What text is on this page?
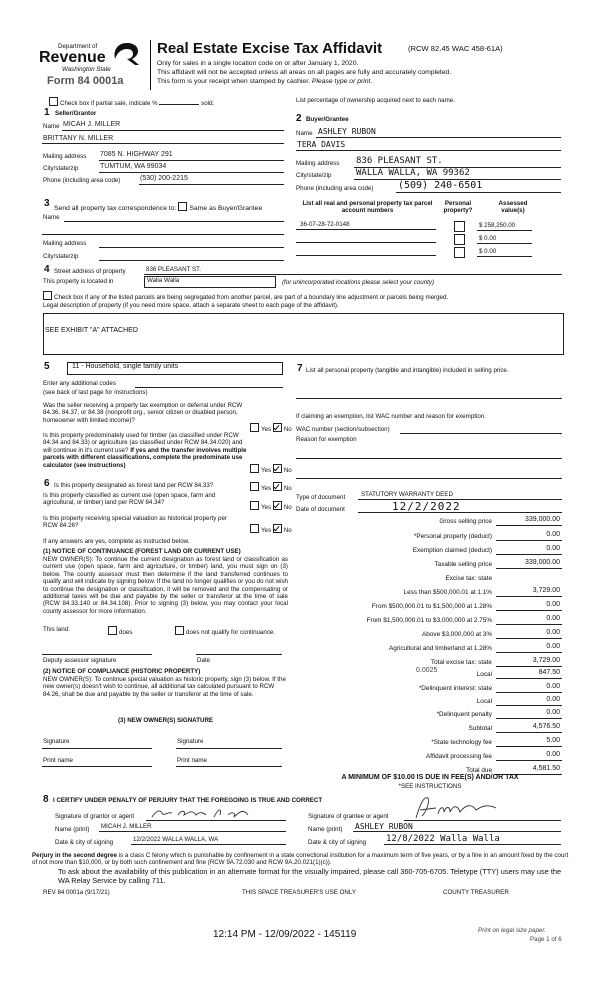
Department of
Revenue
Washington State
Form 84 0001a
Real Estate Excise Tax Affidavit	(RCW 82.45 WAC 458-61A)
Only for sales in a single location code on or after January 1, 2020.
This affidavit will not be accepted unless all areas on all pages are fully and accurately completed.
This form is your receipt when stamped by cashier. Please type or print.
Check box if partial sale, indicate %	sold.	List percentage of ownership acquired next to each name.
1 Seller/Grantor
Name MICAH J. MILLER
BRITTANY N. MILLER
Mailing address 7085 N. HIGHWAY 291
City/state/zip	TUMTUM, WA 99034
Phone (including area code)	(530) 200-2215
2 Buyer/Grantee
Name ASHLEY RUBON
TERA DAVIS
Mailing address 836 PLEASANT ST.
City/state/zip	WALLA WALLA, WA 99362
Phone (including area code) (509) 240-6501
3 Send all property tax correspondence to: Same as Buyer/Grantee
Name
Mailing address
City/state/zip
List all real and personal property tax parcel account numbers
Personal property?
Assessed value(s)
36-07-28-72-0148	$ 258,250.00
$ 0.00
$ 0.00
4 Street address of property	836 PLEASANT ST.
This property is located in	Walla Walla	(for unincorporated locations please select your county)
Check box if any of the listed parcels are being segregated from another parcel, are part of a boundary line adjustment or parcels being merged.
Legal description of property (if you need more space, attach a separate sheet to each page of the affidavit).
SEE EXHIBIT "A" ATTACHED
5	11 - Household, single family units
Enter any additional codes
(see back of last page for instructions)
Was the seller receiving a property tax exemption or deferral under RCW 84.36, 84.37, or 84.38 (nonprofit org., senior citizen or disabled person, homeowner with limited income)?
Yes No
Is this property predominately used for timber (as classified under RCW 84.34 and 84.33) or agriculture (as classified under RCW 84.34.020) and will continue in it's current use? If yes and the transfer involves multiple parcels with different classifications, complete the predominate use calculator (see instructions)
Yes No
6 Is this property designated as forest land per RCW 84.33?	Yes No
Is this property classified as current use (open space, farm and agricultural, or timber) land per RCW 84.34?
Yes No
Is this property receiving special valuation as historical property per RCW 84.26?
Yes No
If any answers are yes, complete as instructed below.
(1) NOTICE OF CONTINUANCE (FOREST LAND OR CURRENT USE)
NEW OWNER(S): To continue the current designation as forest land or classification as current use (open space, farm and agriculture, or timber) land, you must sign on (3) below. The county assessor must then determine if the land transferred continues to qualify and will indicate by signing below. If the land no longer qualifies or you do not wish to continue the designation or classification, it will be removed and the compensating or additional taxes will be due and payable by the seller or transferor at the time of sale (RCW 84.33.140 or 84.34.108). Prior to signing (3) below, you may contact your local county assessor for more information.
This land:	does	does not qualify for continuance.
Deputy assessor signature	Date
(2) NOTICE OF COMPLIANCE (HISTORIC PROPERTY)
NEW OWNER(S): To continue special valuation as historic property, sign (3) below. If the new owner(s) doesn't wish to continue, all additional tax calculated pursuant to RCW 84.26, shall be due and payable by the seller or transferor at the time of sale.
(3) NEW OWNER(S) SIGNATURE
Signature	Signature
Print name	Print name
7 List all personal property (tangible and intangible) included in selling price.
If claiming an exemption, list WAC number and reason for exemption.
WAC number (section/subsection)
Reason for exemption
Type of document	STATUTORY WARRANTY DEED
Date of document	12/2/2022
Gross selling price	339,000.00
*Personal property (deduct)	0.00
Exemption claimed (deduct)	0.00
Taxable selling price	339,000.00
Excise tax: state
Less than $500,000.01 at 1.1%	3,729.00
From $500,000.01 to $1,500,000 at 1.28%	0.00
From $1,500,000.01 to $3,000,000 at 2.75%	0.00
Above $3,000,000 at 3%	0.00
Agricultural and timberland at 1.28%	0.00
Total excise tax: state	3,729.00
Local	847.50
*Delinquent interest: state	0.00
Local	0.00
*Delinquent penalty	0.00
Subtotal	4,576.50
*State technology fee	5.00
Affidavit processing fee	0.00
Total due	4,581.50
0.0025
A MINIMUM OF $10.00 IS DUE IN FEE(S) AND/OR TAX
*SEE INSTRUCTIONS
8 I CERTIFY UNDER PENALTY OF PERJURY THAT THE FOREGOING IS TRUE AND CORRECT
Signature of grantor or agent
Name (print) MICAH J. MILLER
Date & city of signing	12/2/2022 WALLA WALLA, WA
Signature of grantee or agent
Name (print) ASHLEY RUBON
Date & city of signing 12/8/2022 Walla Walla
Perjury in the second degree is a class C felony which is punishable by confinement in a state correctional institution for a maximum term of five years, or by a fine in an amount fixed by the court of not more than $10,000, or by both such confinement and fine (RCW 9A.72.030 and RCW 9A.20.021(1)(c)).
To ask about the availability of this publication in an alternate format for the visually impaired, please call 360-705-6705. Teletype (TTY) users may use the WA Relay Service by calling 711.
REV 84 0001a (9/17/21)	THIS SPACE TREASURER'S USE ONLY	COUNTY TREASURER
12:14 PM - 12/09/2022 - 145119	Print on legal size paper.
Page 1 of 6
